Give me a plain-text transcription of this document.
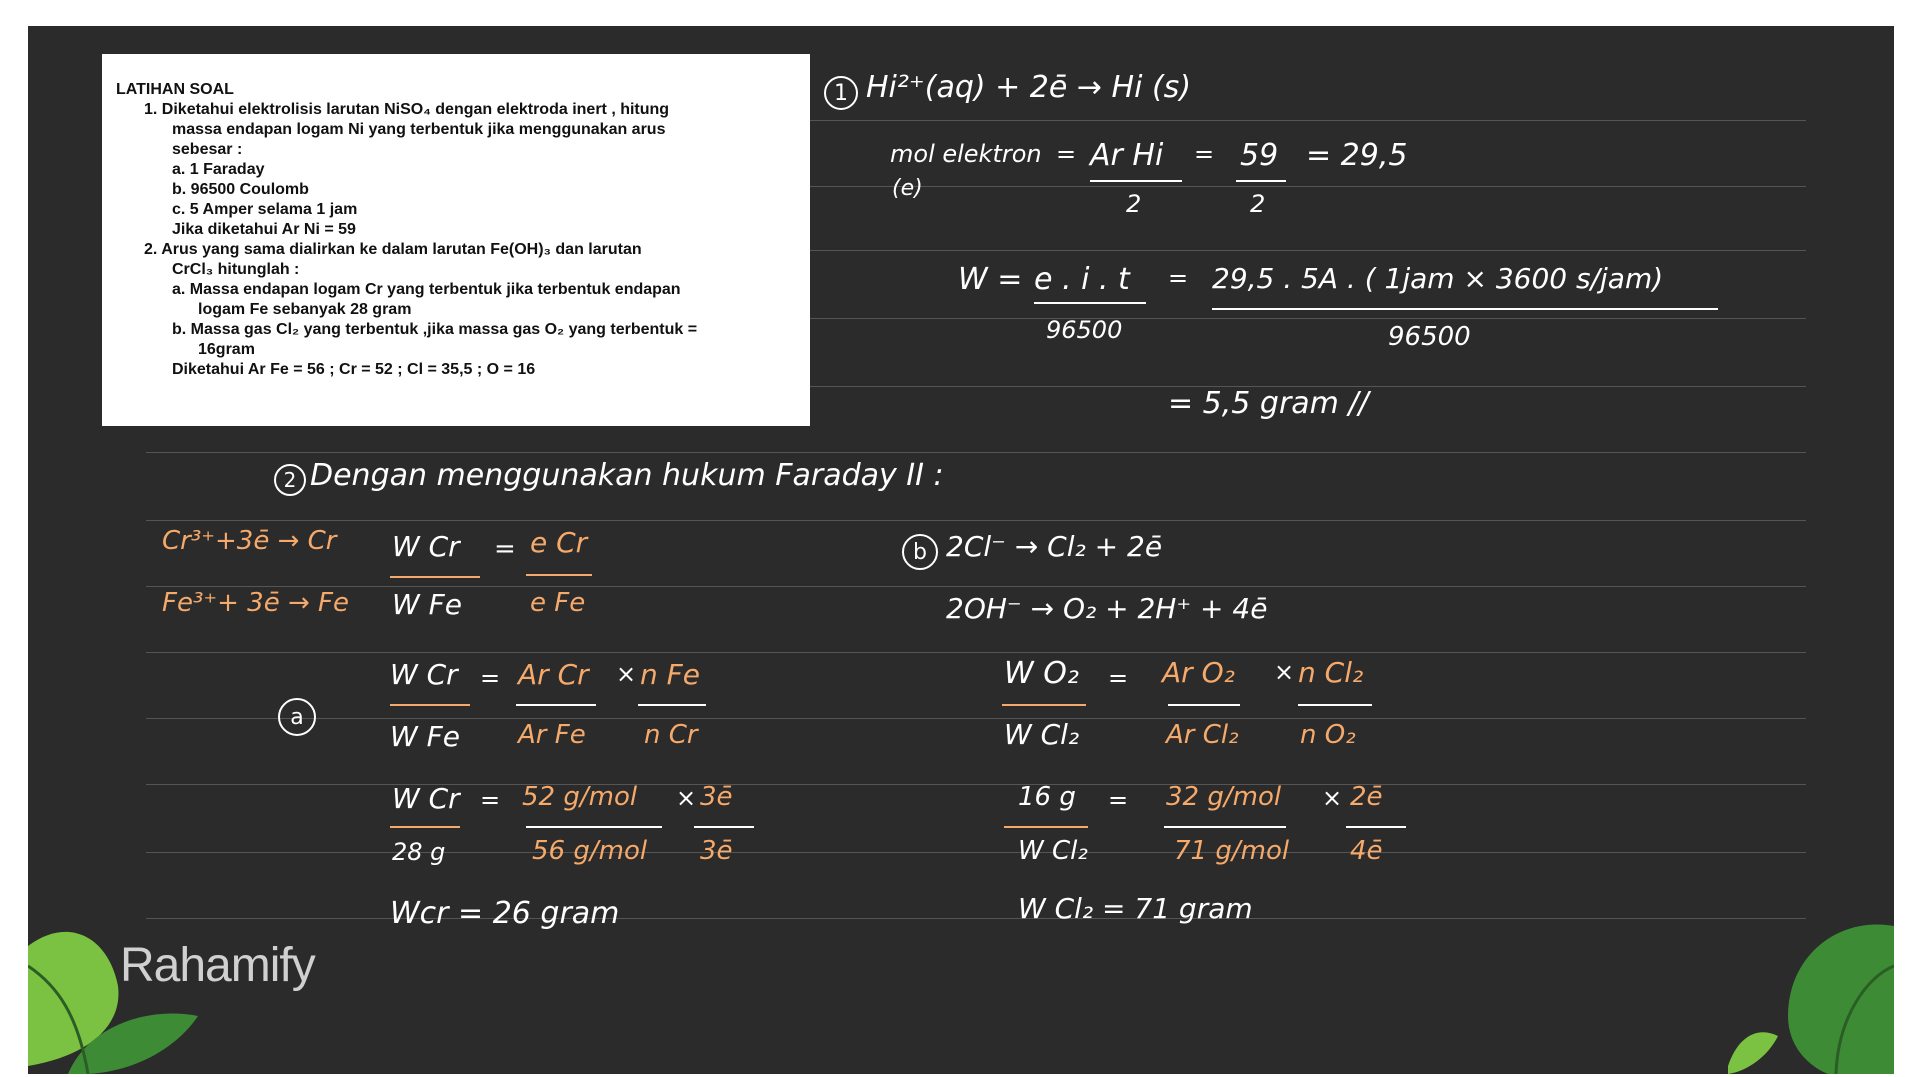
LATIHAN SOAL
1. Diketahui elektrolisis larutan NiSO₄ dengan elektroda inert , hitung
massa endapan logam Ni yang terbentuk jika menggunakan arus
sebesar :
a. 1 Faraday
b. 96500 Coulomb
c. 5 Amper selama 1 jam
Jika diketahui Ar Ni = 59
2. Arus yang sama dialirkan ke dalam larutan Fe(OH)₃ dan larutan
CrCl₃ hitunglah :
a. Massa endapan logam Cr yang terbentuk jika terbentuk endapan
logam Fe sebanyak 28 gram
b. Massa gas Cl₂ yang terbentuk ,jika massa gas O₂ yang terbentuk =
16gram
Diketahui Ar Fe = 56 ; Cr = 52 ; Cl = 35,5 ; O = 16
1 Hi²⁺(aq) + 2ē → Hi (s)
mol elektron
(e)
= Ar Hi
2
= 59
2
= 29,5
W = e . i . t
96500
= 29,5 . 5A . ( 1jam × 3600 s/jam)
96500
= 5,5 gram //
2 Dengan menggunakan hukum Faraday II :
Cr³⁺+3ē → Cr
Fe³⁺+ 3ē → Fe
W Cr
W Fe
= e Cr
e Fe
a
W Cr =
W Fe
Ar Cr
Ar Fe
× n Fe
n Cr
W Cr =
28 g
52 g/mol
56 g/mol
× 3ē
3ē
Wcr = 26 gram
b 2Cl⁻ → Cl₂ + 2ē
2OH⁻ → O₂ + 2H⁺ + 4ē
W O₂ =
W Cl₂
Ar O₂
Ar Cl₂
× n Cl₂
n O₂
16 g =
W Cl₂
32 g/mol
71 g/mol
× 2ē
4ē
W Cl₂ = 71 gram
Rahamify
